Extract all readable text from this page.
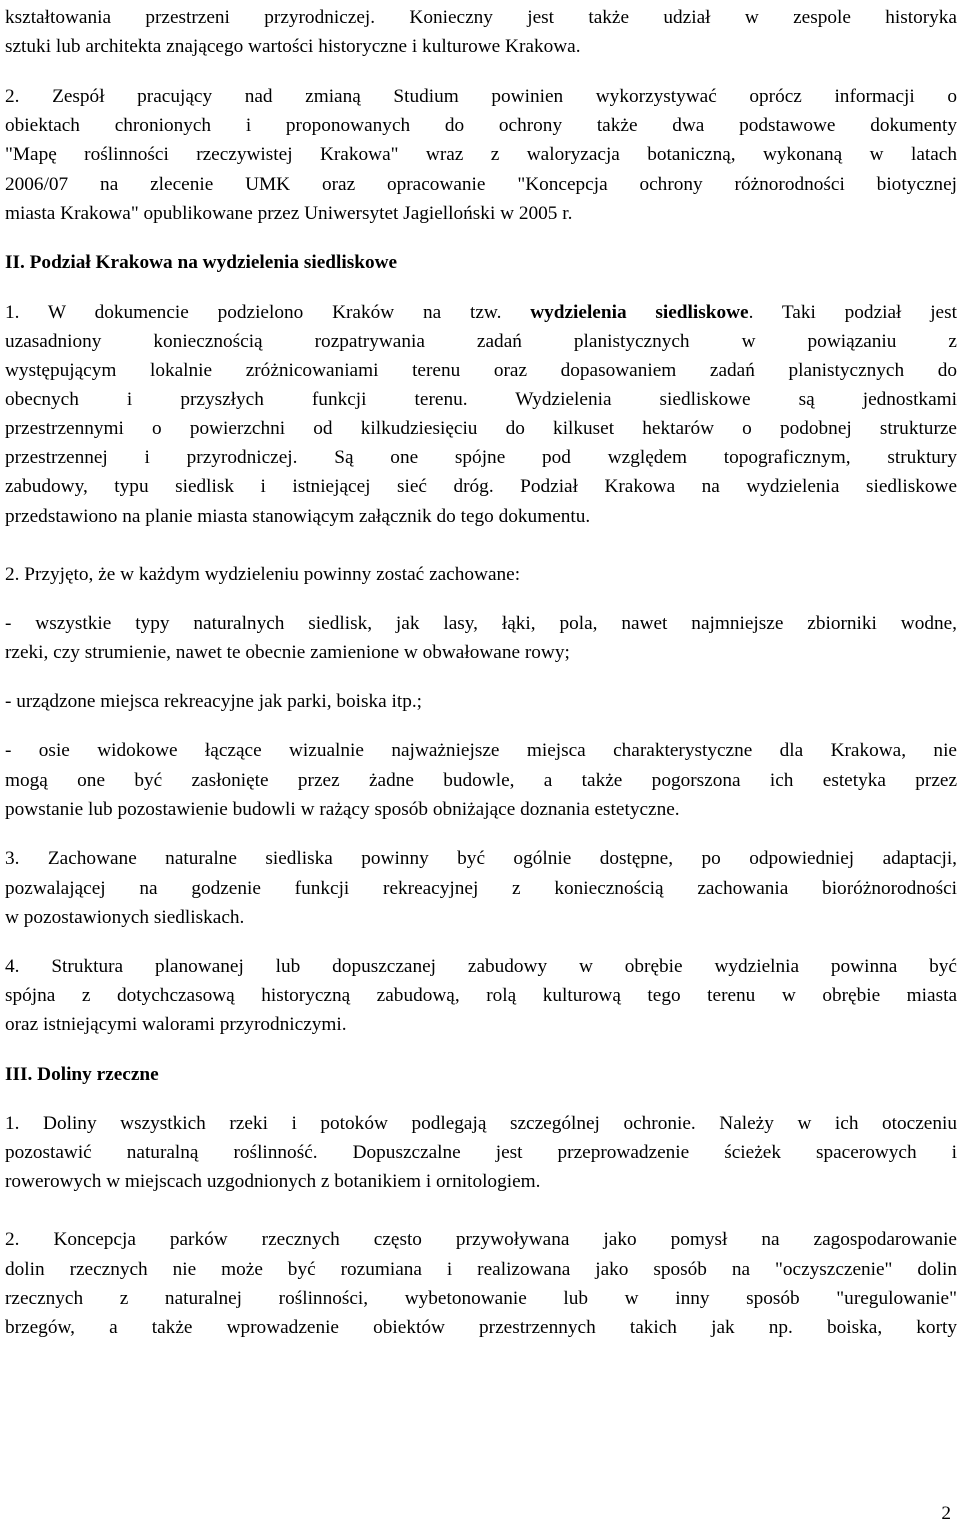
kształtowania przestrzeni przyrodniczej. Konieczny jest także udział w zespole historyka
sztuki lub architekta znającego wartości historyczne i kulturowe Krakowa.
2. Zespół pracujący nad zmianą Studium powinien wykorzystywać oprócz informacji o
obiektach chronionych i proponowanych do ochrony także dwa podstawowe dokumenty
"Mapę roślinności rzeczywistej Krakowa" wraz z waloryzacja botaniczną, wykonaną w latach
2006/07 na zlecenie UMK oraz opracowanie "Koncepcja ochrony różnorodności biotycznej
miasta Krakowa" opublikowane przez Uniwersytet Jagielloński w 2005 r.
II. Podział Krakowa na wydzielenia siedliskowe
1. W dokumencie podzielono Kraków na tzw. wydzielenia siedliskowe. Taki podział jest
uzasadniony koniecznością rozpatrywania zadań planistycznych w powiązaniu z
występującym lokalnie zróżnicowaniami terenu oraz dopasowaniem zadań planistycznych do
obecnych i przyszłych funkcji terenu. Wydzielenia siedliskowe są jednostkami
przestrzennymi o powierzchni od kilkudziesięciu do kilkuset hektarów o podobnej strukturze
przestrzennej i przyrodniczej. Są one spójne pod względem topograficznym, struktury
zabudowy, typu siedlisk i istniejącej sieć dróg. Podział Krakowa na wydzielenia siedliskowe
przedstawiono na planie miasta stanowiącym załącznik do tego dokumentu.
2. Przyjęto, że w każdym wydzieleniu powinny zostać zachowane:
- wszystkie typy naturalnych siedlisk, jak lasy, łąki, pola, nawet najmniejsze zbiorniki wodne,
rzeki, czy strumienie, nawet te obecnie zamienione w obwałowane rowy;
- urządzone miejsca rekreacyjne jak parki, boiska itp.;
- osie widokowe łączące wizualnie najważniejsze miejsca charakterystyczne dla Krakowa, nie
mogą one być zasłonięte przez żadne budowle, a także pogorszona ich estetyka przez
powstanie lub pozostawienie budowli w rażący sposób obniżające doznania estetyczne.
3. Zachowane naturalne siedliska powinny być ogólnie dostępne, po odpowiedniej adaptacji,
pozwalającej na godzenie funkcji rekreacyjnej z koniecznością zachowania bioróżnorodności
w pozostawionych siedliskach.
4. Struktura planowanej lub dopuszczanej zabudowy w obrębie wydzielnia powinna być
spójna z dotychczasową historyczną zabudową, rolą kulturową tego terenu w obrębie miasta
oraz istniejącymi walorami przyrodniczymi.
III. Doliny rzeczne
1. Doliny wszystkich rzeki i potoków podlegają szczególnej ochronie. Należy w ich otoczeniu
pozostawić naturalną roślinność. Dopuszczalne jest przeprowadzenie ścieżek spacerowych i
rowerowych w miejscach uzgodnionych z botanikiem i ornitologiem.
2. Koncepcja parków rzecznych często przywoływana jako pomysł na zagospodarowanie
dolin rzecznych nie może być rozumiana i realizowana jako sposób na "oczyszczenie" dolin
rzecznych z naturalnej roślinności, wybetonowanie lub w inny sposób "uregulowanie"
brzegów, a także wprowadzenie obiektów przestrzennych takich jak np. boiska, korty
2
